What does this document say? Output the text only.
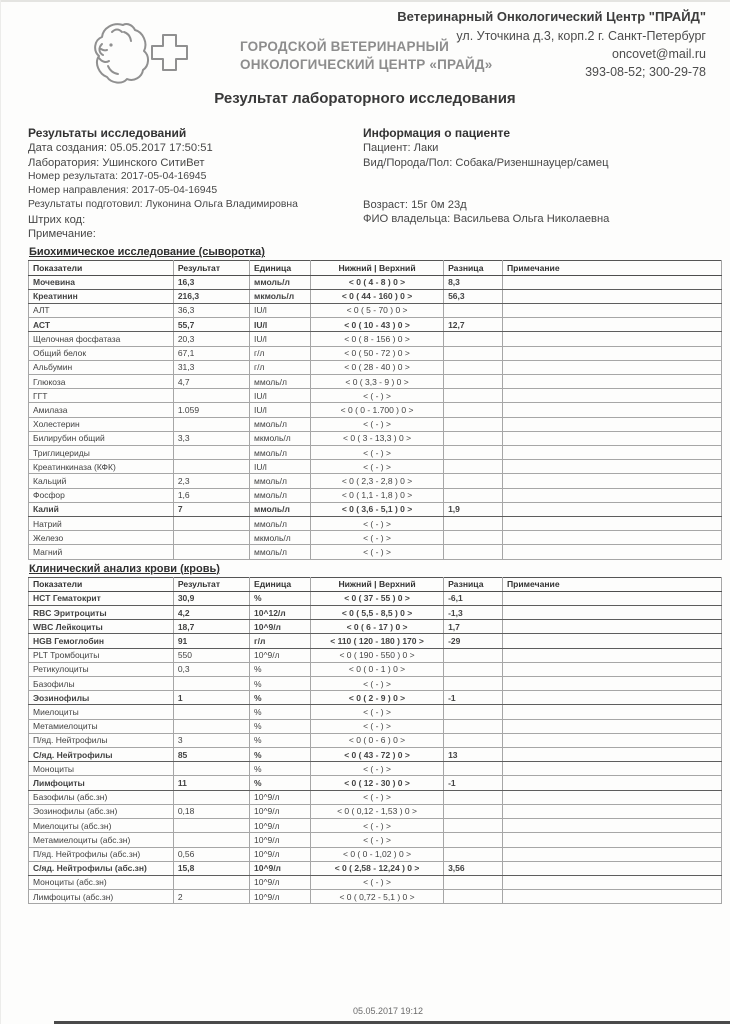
ГОРОДСКОЙ ВЕТЕРИНАРНЫЙ
ОНКОЛОГИЧЕСКИЙ ЦЕНТР «ПРАЙД»
Ветеринарный Онкологический Центр "ПРАЙД"
ул. Уточкина д.3, корп.2 г. Санкт-Петербург
oncovet@mail.ru
393-08-52; 300-29-78
Результат лабораторного исследования
Результаты исследований
Дата создания: 05.05.2017 17:50:51
Лаборатория: Ушинского СитиВет
Номер результата: 2017-05-04-16945
Номер направления: 2017-05-04-16945
Результаты подготовил: Луконина Ольга Владимировна
Штрих код:
Примечание:
Информация о пациенте
Пациент: Лаки
Вид/Порода/Пол: Собака/Ризеншнауцер/самец
Возраст: 15г 0м 23д
ФИО владельца: Васильева Ольга Николаевна
Биохимическое исследование (сыворотка)
Показатели	Результат	Единица	Нижний | Верхний	Разница	Примечание
Мочевина	16,3	ммоль/л	< 0 ( 4 - 8 ) 0 >	8,3	
Креатинин	216,3	мкмоль/л	< 0 ( 44 - 160 ) 0 >	56,3	
АЛТ	36,3	IU/l	< 0 ( 5 - 70 ) 0 >		
АСТ	55,7	IU/l	< 0 ( 10 - 43 ) 0 >	12,7	
Щелочная фосфатаза	20,3	IU/l	< 0 ( 8 - 156 ) 0 >		
Общий белок	67,1	г/л	< 0 ( 50 - 72 ) 0 >		
Альбумин	31,3	г/л	< 0 ( 28 - 40 ) 0 >		
Глюкоза	4,7	ммоль/л	< 0 ( 3,3 - 9 ) 0 >		
ГГТ		IU/l	< ( - ) >		
Амилаза	1.059	IU/l	< 0 ( 0 - 1.700 ) 0 >		
Холестерин		ммоль/л	< ( - ) >		
Билирубин общий	3,3	мкмоль/л	< 0 ( 3 - 13,3 ) 0 >		
Триглицериды		ммоль/л	< ( - ) >		
Креатинкиназа (КФК)		IU/l	< ( - ) >		
Кальций	2,3	ммоль/л	< 0 ( 2,3 - 2,8 ) 0 >		
Фосфор	1,6	ммоль/л	< 0 ( 1,1 - 1,8 ) 0 >		
Калий	7	ммоль/л	< 0 ( 3,6 - 5,1 ) 0 >	1,9	
Натрий		ммоль/л	< ( - ) >		
Железо		мкмоль/л	< ( - ) >		
Магний		ммоль/л	< ( - ) >		
Клинический анализ крови (кровь)
Показатели	Результат	Единица	Нижний | Верхний	Разница	Примечание
HCT Гематокрит	30,9	%	< 0 ( 37 - 55 ) 0 >	-6,1	
RBC Эритроциты	4,2	10^12/л	< 0 ( 5,5 - 8,5 ) 0 >	-1,3	
WBC Лейкоциты	18,7	10^9/л	< 0 ( 6 - 17 ) 0 >	1,7	
HGB Гемоглобин	91	г/л	< 110 ( 120 - 180 ) 170 >	-29	
PLT Тромбоциты	550	10^9/л	< 0 ( 190 - 550 ) 0 >		
Ретикулоциты	0,3	%	< 0 ( 0 - 1 ) 0 >		
Базофилы		%	< ( - ) >		
Эозинофилы	1	%	< 0 ( 2 - 9 ) 0 >	-1	
Миелоциты		%	< ( - ) >		
Метамиелоциты		%	< ( - ) >		
П/яд. Нейтрофилы	3	%	< 0 ( 0 - 6 ) 0 >		
С/яд. Нейтрофилы	85	%	< 0 ( 43 - 72 ) 0 >	13	
Моноциты		%	< ( - ) >		
Лимфоциты	11	%	< 0 ( 12 - 30 ) 0 >	-1	
Базофилы (абс.зн)		10^9/л	< ( - ) >		
Эозинофилы (абс.зн)	0,18	10^9/л	< 0 ( 0,12 - 1,53 ) 0 >		
Миелоциты (абс.зн)		10^9/л	< ( - ) >		
Метамиелоциты (абс.зн)		10^9/л	< ( - ) >		
П/яд. Нейтрофилы (абс.зн)	0,56	10^9/л	< 0 ( 0 - 1,02 ) 0 >		
С/яд. Нейтрофилы (абс.зн)	15,8	10^9/л	< 0 ( 2,58 - 12,24 ) 0 >	3,56	
Моноциты (абс.зн)		10^9/л	< ( - ) >		
Лимфоциты (абс.зн)	2	10^9/л	< 0 ( 0,72 - 5,1 ) 0 >		
05.05.2017 19:12
